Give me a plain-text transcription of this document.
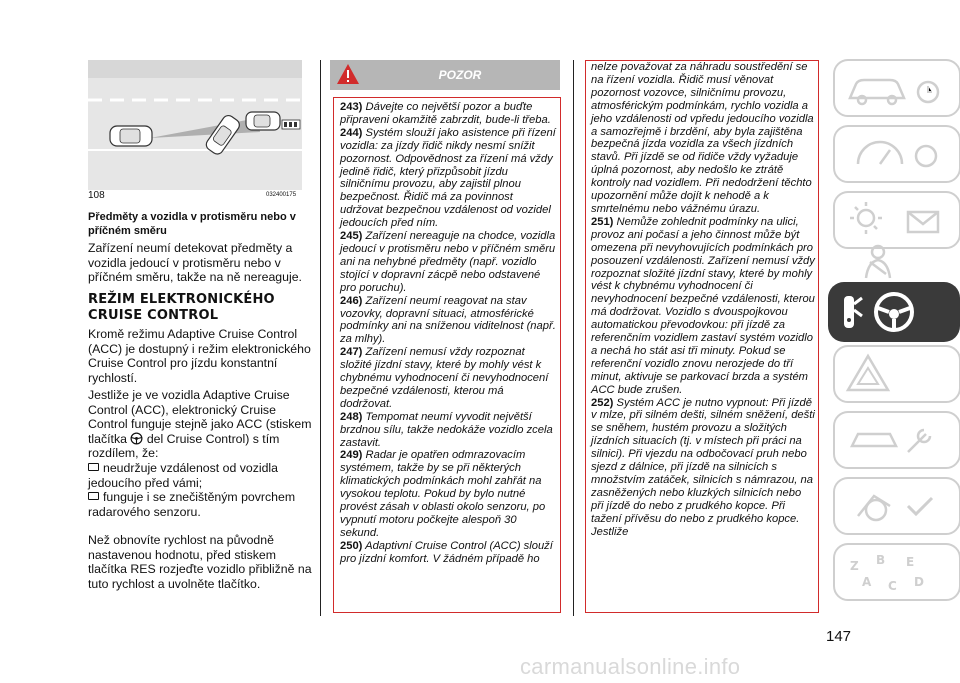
108	032400175
Předměty a vozidla v protisměru nebo v příčném směru
Zařízení neumí detekovat předměty a vozidla jedoucí v protisměru nebo v příčném směru, takže na ně nereaguje.
REŽIM ELEKTRONICKÉHO CRUISE CONTROL
Kromě režimu Adaptive Cruise Control (ACC) je dostupný i režim elektronického Cruise Control pro jízdu konstantní rychlostí.
Jestliže je ve vozidla Adaptive Cruise Control (ACC), elektronický Cruise Control funguje stejně jako ACC (stiskem tlačítka del Cruise Control) s tím rozdílem, že:
neudržuje vzdálenost od vozidla jedoucího před vámi;
funguje i se znečištěným povrchem radarového senzoru.
Než obnovíte rychlost na původně nastavenou hodnotu, před stiskem tlačítka RES rozjeďte vozidlo přibližně na tuto rychlost a uvolněte tlačítko.
POZOR
243) Dávejte co největší pozor a buďte připraveni okamžitě zabrzdit, bude-li třeba.
244) Systém slouží jako asistence při řízení vozidla: za jízdy řidič nikdy nesmí snížit pozornost. Odpovědnost za řízení má vždy jedině řidič, který přizpůsobit jízdu silničnímu provozu, aby zajistil plnou bezpečnost. Řidič má za povinnost udržovat bezpečnou vzdálenost od vozidel jedoucích před ním.
245) Zařízení nereaguje na chodce, vozidla jedoucí v protisměru nebo v příčném směru ani na nehybné předměty (např. vozidlo stojící v dopravní zácpě nebo odstavené pro poruchu).
246) Zařízení neumí reagovat na stav vozovky, dopravní situaci, atmosférické podmínky ani na sníženou viditelnost (např. za mlhy).
247) Zařízení nemusí vždy rozpoznat složité jízdní stavy, které by mohly vést k chybnému vyhodnocení či nevyhodnocení bezpečné vzdálenosti, kterou má dodržovat.
248) Tempomat neumí vyvodit největší brzdnou sílu, takže nedokáže vozidlo zcela zastavit.
249) Radar je opatřen odmrazovacím systémem, takže by se při některých klimatických podmínkách mohl zahřát na vysokou teplotu. Pokud by bylo nutné provést zásah v oblasti okolo senzoru, po vypnutí motoru počkejte alespoň 30 sekund.
250) Adaptivní Cruise Control (ACC) slouží pro jízdní komfort. V žádném případě ho
nelze považovat za náhradu soustředění se na řízení vozidla. Řidič musí věnovat pozornost vozovce, silničnímu provozu, atmosférickým podmínkám, rychlo vozidla a jeho vzdálenosti od vpředu jedoucího vozidla a samozřejmě i brzdění, aby byla zajištěna bezpečná jízda vozidla za všech jízdních stavů. Při jízdě se od řidiče vždy vyžaduje úplná pozornost, aby nedošlo ke ztrátě kontroly nad vozidlem. Při nedodržení těchto upozornění může dojít k nehodě a k smrtelnému nebo vážnému úrazu.
251) Nemůže zohlednit podmínky na ulici, provoz ani počasí a jeho činnost může být omezena při nevyhovujících podmínkách pro posouzení vzdálenosti. Zařízení nemusí vždy rozpoznat složité jízdní stavy, které by mohly vést k chybnému vyhodnocení či nevyhodnocení bezpečné vzdálenosti, kterou má dodržovat. Vozidlo s dvouspojkovou automatickou převodovkou: při jízdě za referenčním vozidlem zastaví systém vozidlo a nechá ho stát asi tři minuty. Pokud se referenční vozidlo znovu nerozjede do tří minut, aktivuje se parkovací brzda a systém ACC bude zrušen.
252) Systém ACC je nutno vypnout: Při jízdě v mlze, při silném dešti, silném sněžení, dešti se sněhem, hustém provozu a složitých jízdních situacích (tj. v místech při práci na silnici). Při vjezdu na odbočovací pruh nebo sjezd z dálnice, při jízdě na silnicích s množstvím zatáček, silnicích s námrazou, na zasněžených nebo kluzkých silnicích nebo při jízdě do nebo z prudkého kopce. Při tažení přívěsu do nebo z prudkého kopce. Jestliže
Z B E
A C D
147
carmanualsonline.info
